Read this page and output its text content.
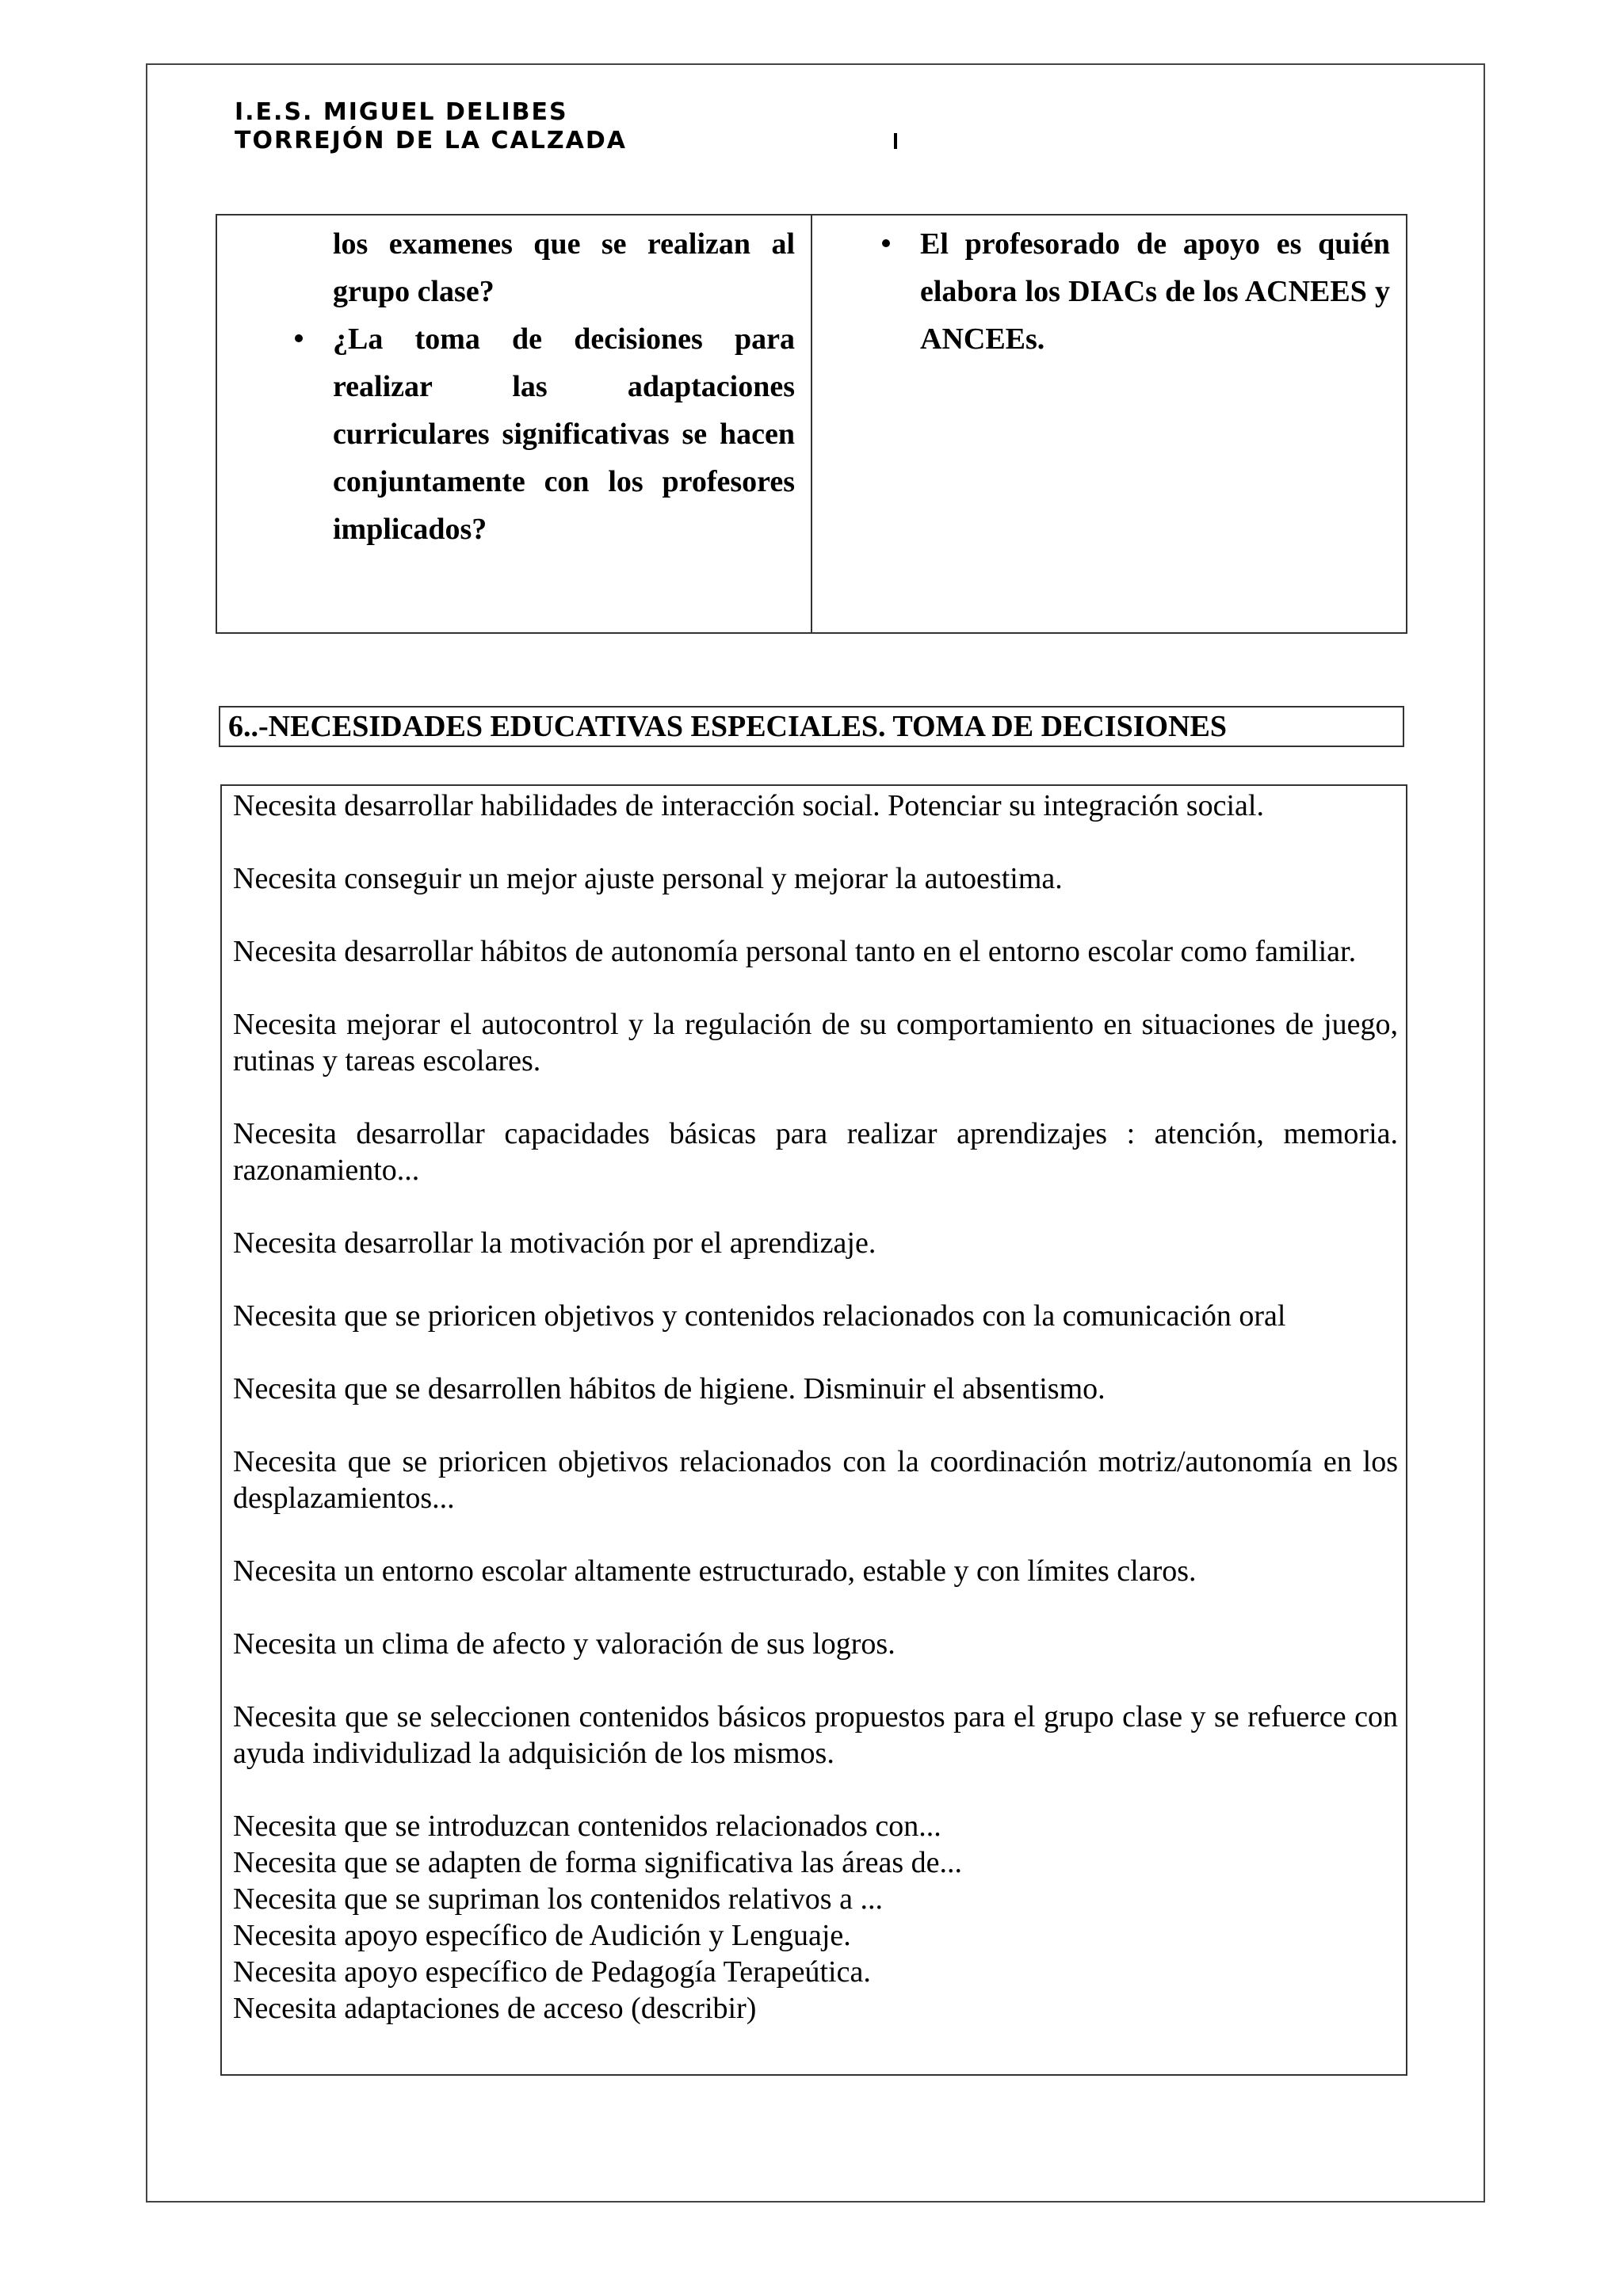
I.E.S. MIGUEL DELIBES
TORREJÓN DE LA CALZADA

los examenes que se realizan al grupo clase?

¿La toma de decisiones para realizar las adaptaciones curriculares significativas se hacen conjuntamente con los profesores implicados?

El profesorado de apoyo es quién elabora los DIACs de los ACNEES y ANCEEs.

6..-NECESIDADES EDUCATIVAS ESPECIALES. TOMA DE DECISIONES

Necesita desarrollar habilidades de interacción social. Potenciar su integración social.

Necesita conseguir un mejor ajuste personal y mejorar la autoestima.

Necesita desarrollar hábitos de autonomía personal tanto en el entorno escolar como familiar.

Necesita mejorar el autocontrol y la regulación de su comportamiento en situaciones de juego, rutinas y tareas escolares.

Necesita desarrollar capacidades básicas para realizar aprendizajes : atención, memoria. razonamiento...

Necesita desarrollar la motivación por el aprendizaje.

Necesita que se prioricen objetivos y contenidos relacionados con la comunicación oral

Necesita que se desarrollen hábitos de higiene. Disminuir el absentismo.

Necesita que se prioricen objetivos relacionados con la coordinación motriz/autonomía en los desplazamientos...

Necesita un entorno escolar altamente estructurado, estable y con límites claros.

Necesita un clima de afecto y valoración de sus logros.

Necesita que se seleccionen contenidos básicos propuestos para el grupo clase y se refuerce con ayuda individulizad la adquisición de los mismos.

Necesita que se introduzcan contenidos relacionados con...

Necesita que se adapten de forma significativa las áreas de...

Necesita que se supriman los contenidos relativos a ...

Necesita apoyo específico de Audición y Lenguaje.

Necesita apoyo específico de Pedagogía Terapeútica.

Necesita adaptaciones de acceso (describir)
